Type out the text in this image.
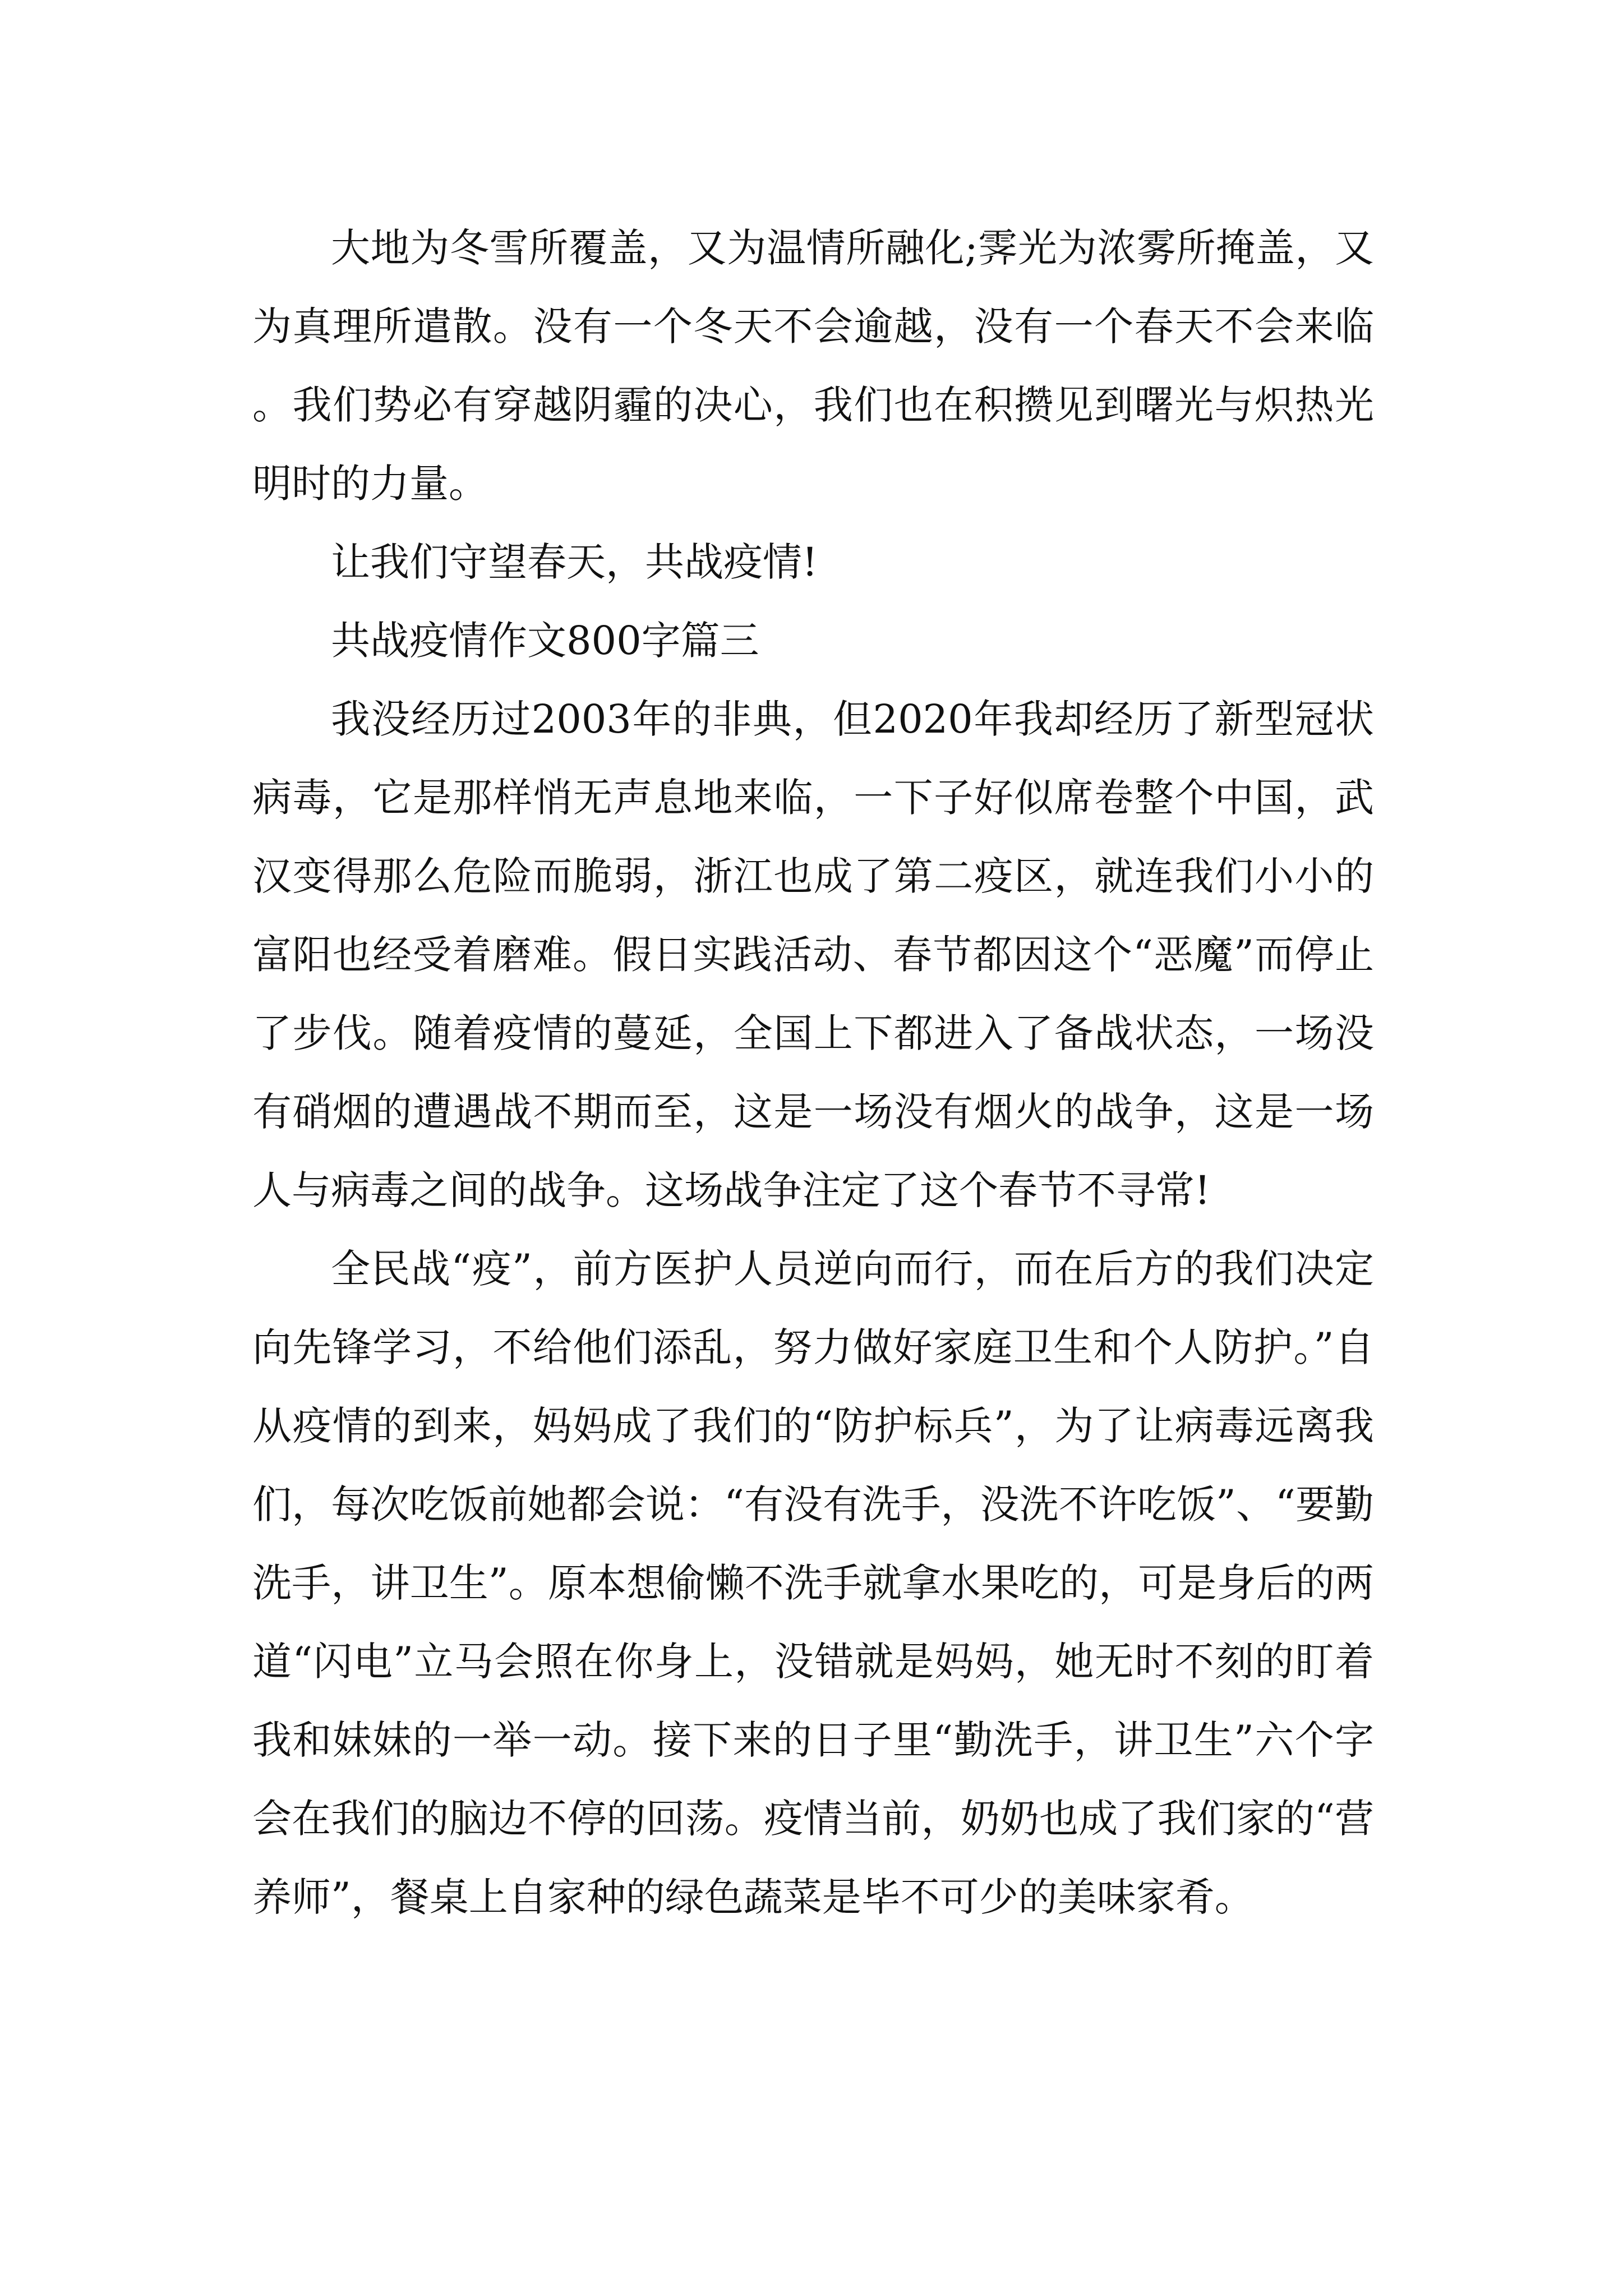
大地为冬雪所覆盖，又为温情所融化;霁光为浓雾所掩盖，又为真理所遣散。没有一个冬天不会逾越，没有一个春天不会来临。我们势必有穿越阴霾的决心，我们也在积攒见到曙光与炽热光明时的力量。

让我们守望春天，共战疫情!

共战疫情作文800字篇三

我没经历过2003年的非典，但2020年我却经历了新型冠状病毒，它是那样悄无声息地来临，一下子好似席卷整个中国，武汉变得那么危险而脆弱，浙江也成了第二疫区，就连我们小小的富阳也经受着磨难。假日实践活动、春节都因这个“恶魔”而停止了步伐。随着疫情的蔓延，全国上下都进入了备战状态，一场没有硝烟的遭遇战不期而至，这是一场没有烟火的战争，这是一场人与病毒之间的战争。这场战争注定了这个春节不寻常!

全民战“疫”，前方医护人员逆向而行，而在后方的我们决定向先锋学习，不给他们添乱，努力做好家庭卫生和个人防护。”自从疫情的到来，妈妈成了我们的“防护标兵”，为了让病毒远离我们，每次吃饭前她都会说：“有没有洗手，没洗不许吃饭”、“要勤洗手，讲卫生”。原本想偷懒不洗手就拿水果吃的，可是身后的两道“闪电”立马会照在你身上，没错就是妈妈，她无时不刻的盯着我和妹妹的一举一动。接下来的日子里“勤洗手，讲卫生”六个字会在我们的脑边不停的回荡。疫情当前，奶奶也成了我们家的“营养师”，餐桌上自家种的绿色蔬菜是毕不可少的美味家肴。
